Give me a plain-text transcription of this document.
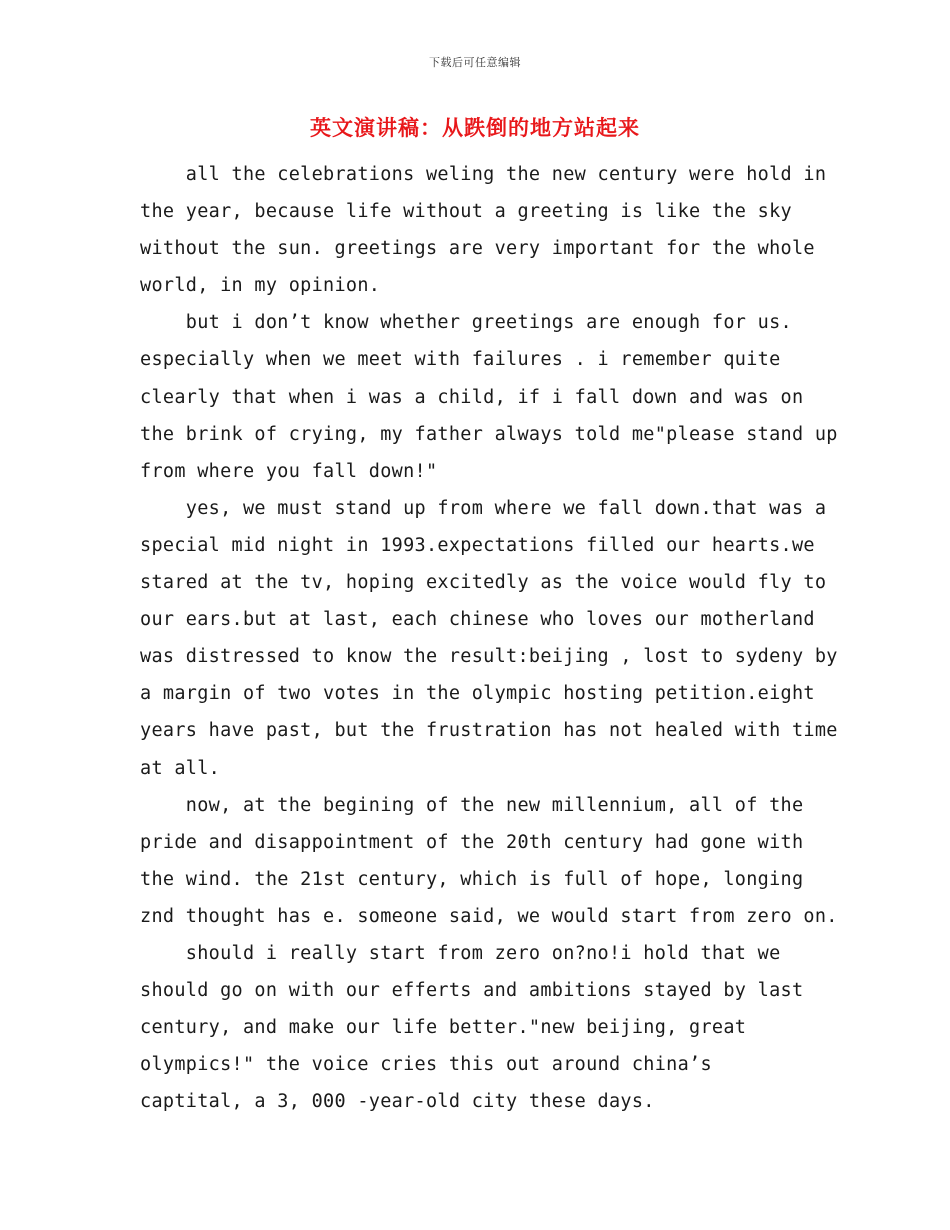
下载后可任意编辑
英文演讲稿：从跌倒的地方站起来
all the celebrations weling the new century were hold in
the year, because life without a greeting is like the sky
without the sun. greetings are very important for the whole
world, in my opinion.
but i don’t know whether greetings are enough for us.
especially when we meet with failures . i remember quite
clearly that when i was a child, if i fall down and was on
the brink of crying, my father always told me"please stand up
from where you fall down!"
yes, we must stand up from where we fall down.that was a
special mid night in 1993.expectations filled our hearts.we
stared at the tv, hoping excitedly as the voice would fly to
our ears.but at last, each chinese who loves our motherland
was distressed to know the result:beijing , lost to sydeny by
a margin of two votes in the olympic hosting petition.eight
years have past, but the frustration has not healed with time
at all.
now, at the begining of the new millennium, all of the
pride and disappointment of the 20th century had gone with
the wind. the 21st century, which is full of hope, longing
znd thought has e. someone said, we would start from zero on.
should i really start from zero on?no!i hold that we
should go on with our efferts and ambitions stayed by last
century, and make our life better."new beijing, great
olympics!" the voice cries this out around china’s
captital, a 3, 000 -year-old city these days.
